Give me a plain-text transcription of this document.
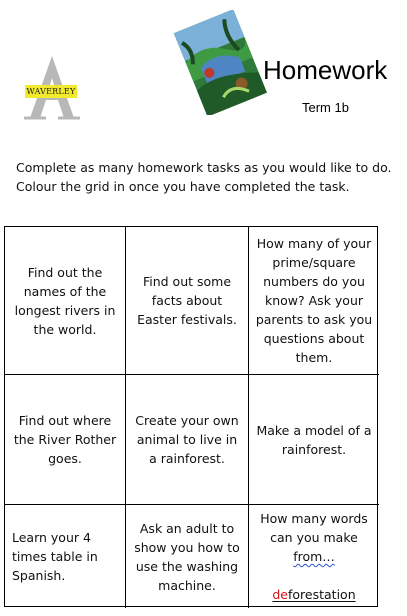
WAVERLEY
Homework
Term 1b
Complete as many homework tasks as you would like to do.
Colour the grid in once you have completed the task.
Find out the names of the longest rivers in the world.
Find out some facts about Easter festivals.
How many of your prime/square numbers do you know? Ask your parents to ask you questions about them.
Find out where the River Rother goes.
Create your own animal to live in a rainforest.
Make a model of a rainforest.
Learn your 4 times table in Spanish.
Ask an adult to show you how to use the washing machine.
How many words
can you make
from…
deforestation
